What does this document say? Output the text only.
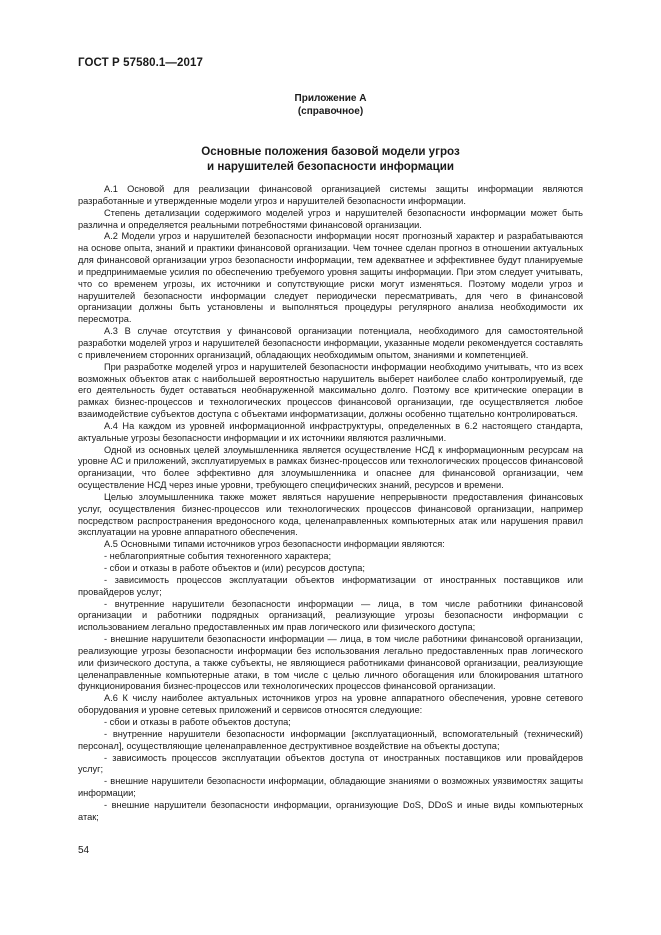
ГОСТ Р 57580.1—2017
Приложение А
(справочное)
Основные положения базовой модели угроз
и нарушителей безопасности информации

А.1 Основой для реализации финансовой организацией системы защиты информации являются разработанные и утвержденные модели угроз и нарушителей безопасности информации.

Степень детализации содержимого моделей угроз и нарушителей безопасности информации может быть различна и определяется реальными потребностями финансовой организации.

А.2 Модели угроз и нарушителей безопасности информации носят прогнозный характер и разрабатываются на основе опыта, знаний и практики финансовой организации. Чем точнее сделан прогноз в отношении актуальных для финансовой организации угроз безопасности информации, тем адекватнее и эффективнее будут планируемые и предпринимаемые усилия по обеспечению требуемого уровня защиты информации. При этом следует учитывать, что со временем угрозы, их источники и сопутствующие риски могут изменяться. Поэтому модели угроз и нарушителей безопасности информации следует периодически пересматривать, для чего в финансовой организации должны быть установлены и выполняться процедуры регулярного анализа необходимости их пересмотра.

А.3 В случае отсутствия у финансовой организации потенциала, необходимого для самостоятельной разработки моделей угроз и нарушителей безопасности информации, указанные модели рекомендуется составлять с привлечением сторонних организаций, обладающих необходимым опытом, знаниями и компетенцией.

При разработке моделей угроз и нарушителей безопасности информации необходимо учитывать, что из всех возможных объектов атак с наибольшей вероятностью нарушитель выберет наиболее слабо контролируемый, где его деятельность будет оставаться необнаруженной максимально долго. Поэтому все критические операции в рамках бизнес-процессов и технологических процессов финансовой организации, где осуществляется любое взаимодействие субъектов доступа с объектами информатизации, должны особенно тщательно контролироваться.

А.4 На каждом из уровней информационной инфраструктуры, определенных в 6.2 настоящего стандарта, актуальные угрозы безопасности информации и их источники являются различными.

Одной из основных целей злоумышленника является осуществление НСД к информационным ресурсам на уровне АС и приложений, эксплуатируемых в рамках бизнес-процессов или технологических процессов финансовой организации, что более эффективно для злоумышленника и опаснее для финансовой организации, чем осуществление НСД через иные уровни, требующего специфических знаний, ресурсов и времени.

Целью злоумышленника также может являться нарушение непрерывности предоставления финансовых услуг, осуществления бизнес-процессов или технологических процессов финансовой организации, например посредством распространения вредоносного кода, целенаправленных компьютерных атак или нарушения правил эксплуатации на уровне аппаратного обеспечения.

А.5 Основными типами источников угроз безопасности информации являются:

- неблагоприятные события техногенного характера;

- сбои и отказы в работе объектов и (или) ресурсов доступа;

- зависимость процессов эксплуатации объектов информатизации от иностранных поставщиков или провайдеров услуг;

- внутренние нарушители безопасности информации — лица, в том числе работники финансовой организации и работники подрядных организаций, реализующие угрозы безопасности информации с использованием легально предоставленных им прав логического или физического доступа;

- внешние нарушители безопасности информации — лица, в том числе работники финансовой организации, реализующие угрозы безопасности информации без использования легально предоставленных прав логического или физического доступа, а также субъекты, не являющиеся работниками финансовой организации, реализующие целенаправленные компьютерные атаки, в том числе с целью личного обогащения или блокирования штатного функционирования бизнес-процессов или технологических процессов финансовой организации.

А.6 К числу наиболее актуальных источников угроз на уровне аппаратного обеспечения, уровне сетевого оборудования и уровне сетевых приложений и сервисов относятся следующие:

- сбои и отказы в работе объектов доступа;

- внутренние нарушители безопасности информации [эксплуатационный, вспомогательный (технический) персонал], осуществляющие целенаправленное деструктивное воздействие на объекты доступа;

- зависимость процессов эксплуатации объектов доступа от иностранных поставщиков или провайдеров услуг;

- внешние нарушители безопасности информации, обладающие знаниями о возможных уязвимостях защиты информации;

- внешние нарушители безопасности информации, организующие DoS, DDoS и иные виды компьютерных атак;

54
